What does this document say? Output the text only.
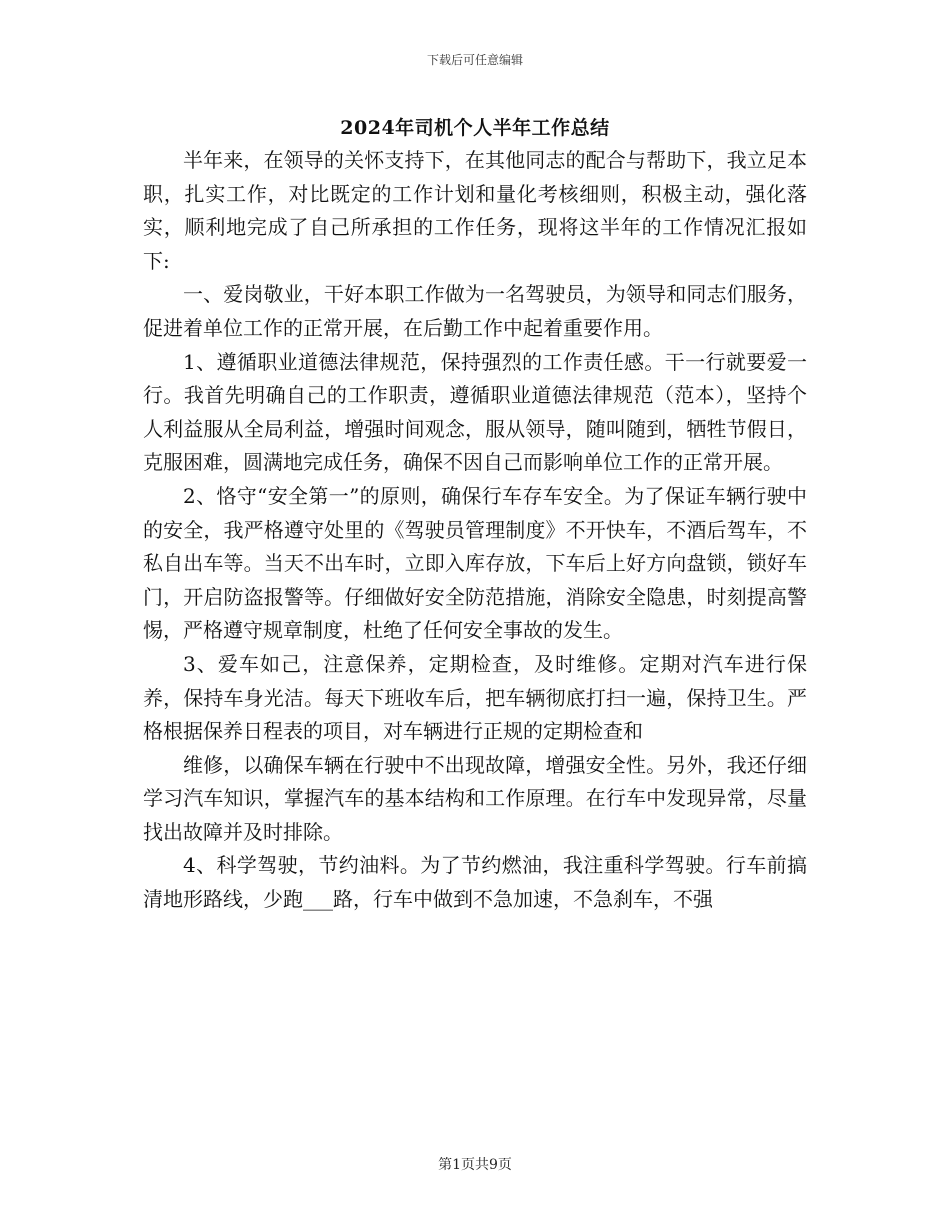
下载后可任意编辑
2024年司机个人半年工作总结

半年来，在领导的关怀支持下，在其他同志的配合与帮助下，我立足本职，扎实工作，对比既定的工作计划和量化考核细则，积极主动，强化落实，顺利地完成了自己所承担的工作任务，现将这半年的工作情况汇报如下:

一、爱岗敬业，干好本职工作做为一名驾驶员，为领导和同志们服务，促进着单位工作的正常开展，在后勤工作中起着重要作用。

1、遵循职业道德法律规范，保持强烈的工作责任感。干一行就要爱一行。我首先明确自己的工作职责，遵循职业道德法律规范（范本），坚持个人利益服从全局利益，增强时间观念，服从领导，随叫随到，牺牲节假日，克服困难，圆满地完成任务，确保不因自己而影响单位工作的正常开展。

2、恪守“安全第一”的原则，确保行车存车安全。为了保证车辆行驶中的安全，我严格遵守处里的《驾驶员管理制度》不开快车，不酒后驾车，不私自出车等。当天不出车时，立即入库存放，下车后上好方向盘锁，锁好车门，开启防盗报警等。仔细做好安全防范措施，消除安全隐患，时刻提高警惕，严格遵守规章制度，杜绝了任何安全事故的发生。

3、爱车如己，注意保养，定期检查，及时维修。定期对汽车进行保养，保持车身光洁。每天下班收车后，把车辆彻底打扫一遍，保持卫生。严格根据保养日程表的项目，对车辆进行正规的定期检查和

维修，以确保车辆在行驶中不出现故障，增强安全性。另外，我还仔细学习汽车知识，掌握汽车的基本结构和工作原理。在行车中发现异常，尽量找出故障并及时排除。

4、科学驾驶，节约油料。为了节约燃油，我注重科学驾驶。行车前搞清地形路线，少跑___路，行车中做到不急加速，不急刹车，不强

第1页共9页
